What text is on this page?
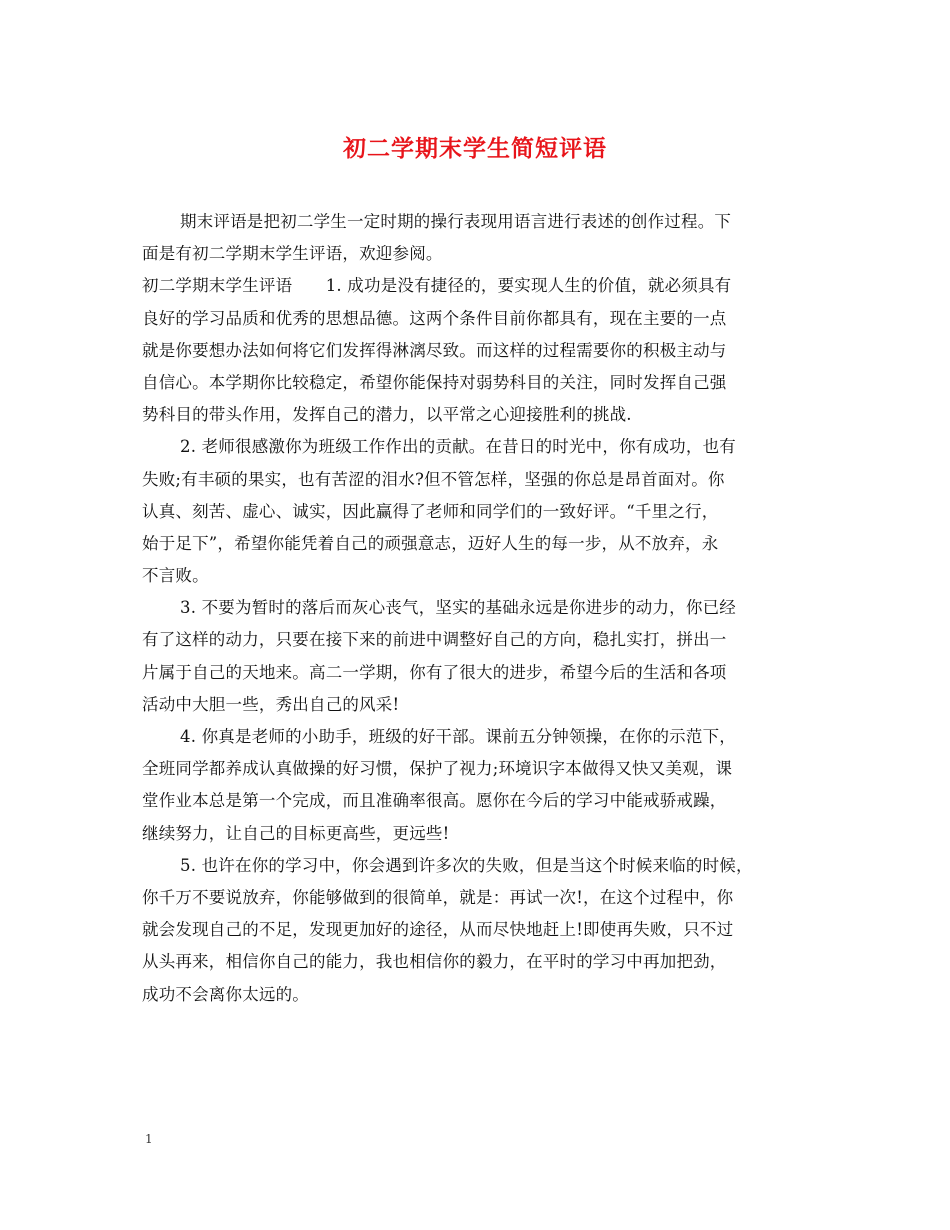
初二学期末学生简短评语
期末评语是把初二学生一定时期的操行表现用语言进行表述的创作过程。下
面是有初二学期末学生评语，欢迎参阅。
初二学期末学生评语　　1. 成功是没有捷径的，要实现人生的价值，就必须具有
良好的学习品质和优秀的思想品德。这两个条件目前你都具有，现在主要的一点
就是你要想办法如何将它们发挥得淋漓尽致。而这样的过程需要你的积极主动与
自信心。本学期你比较稳定，希望你能保持对弱势科目的关注，同时发挥自己强
势科目的带头作用，发挥自己的潜力，以平常之心迎接胜利的挑战.
2. 老师很感激你为班级工作作出的贡献。在昔日的时光中，你有成功，也有
失败;有丰硕的果实，也有苦涩的泪水?但不管怎样，坚强的你总是昂首面对。你
认真、刻苦、虚心、诚实，因此赢得了老师和同学们的一致好评。“千里之行，
始于足下”，希望你能凭着自己的顽强意志，迈好人生的每一步，从不放弃，永
不言败。
3. 不要为暂时的落后而灰心丧气，坚实的基础永远是你进步的动力，你已经
有了这样的动力，只要在接下来的前进中调整好自己的方向，稳扎实打，拼出一
片属于自己的天地来。高二一学期，你有了很大的进步，希望今后的生活和各项
活动中大胆一些，秀出自己的风采!
4. 你真是老师的小助手，班级的好干部。课前五分钟领操，在你的示范下，
全班同学都养成认真做操的好习惯，保护了视力;环境识字本做得又快又美观，课
堂作业本总是第一个完成，而且准确率很高。愿你在今后的学习中能戒骄戒躁，
继续努力，让自己的目标更高些，更远些!
5. 也许在你的学习中，你会遇到许多次的失败，但是当这个时候来临的时候，
你千万不要说放弃，你能够做到的很简单，就是：再试一次!，在这个过程中，你
就会发现自己的不足，发现更加好的途径，从而尽快地赶上!即使再失败，只不过
从头再来，相信你自己的能力，我也相信你的毅力，在平时的学习中再加把劲，
成功不会离你太远的。
1
